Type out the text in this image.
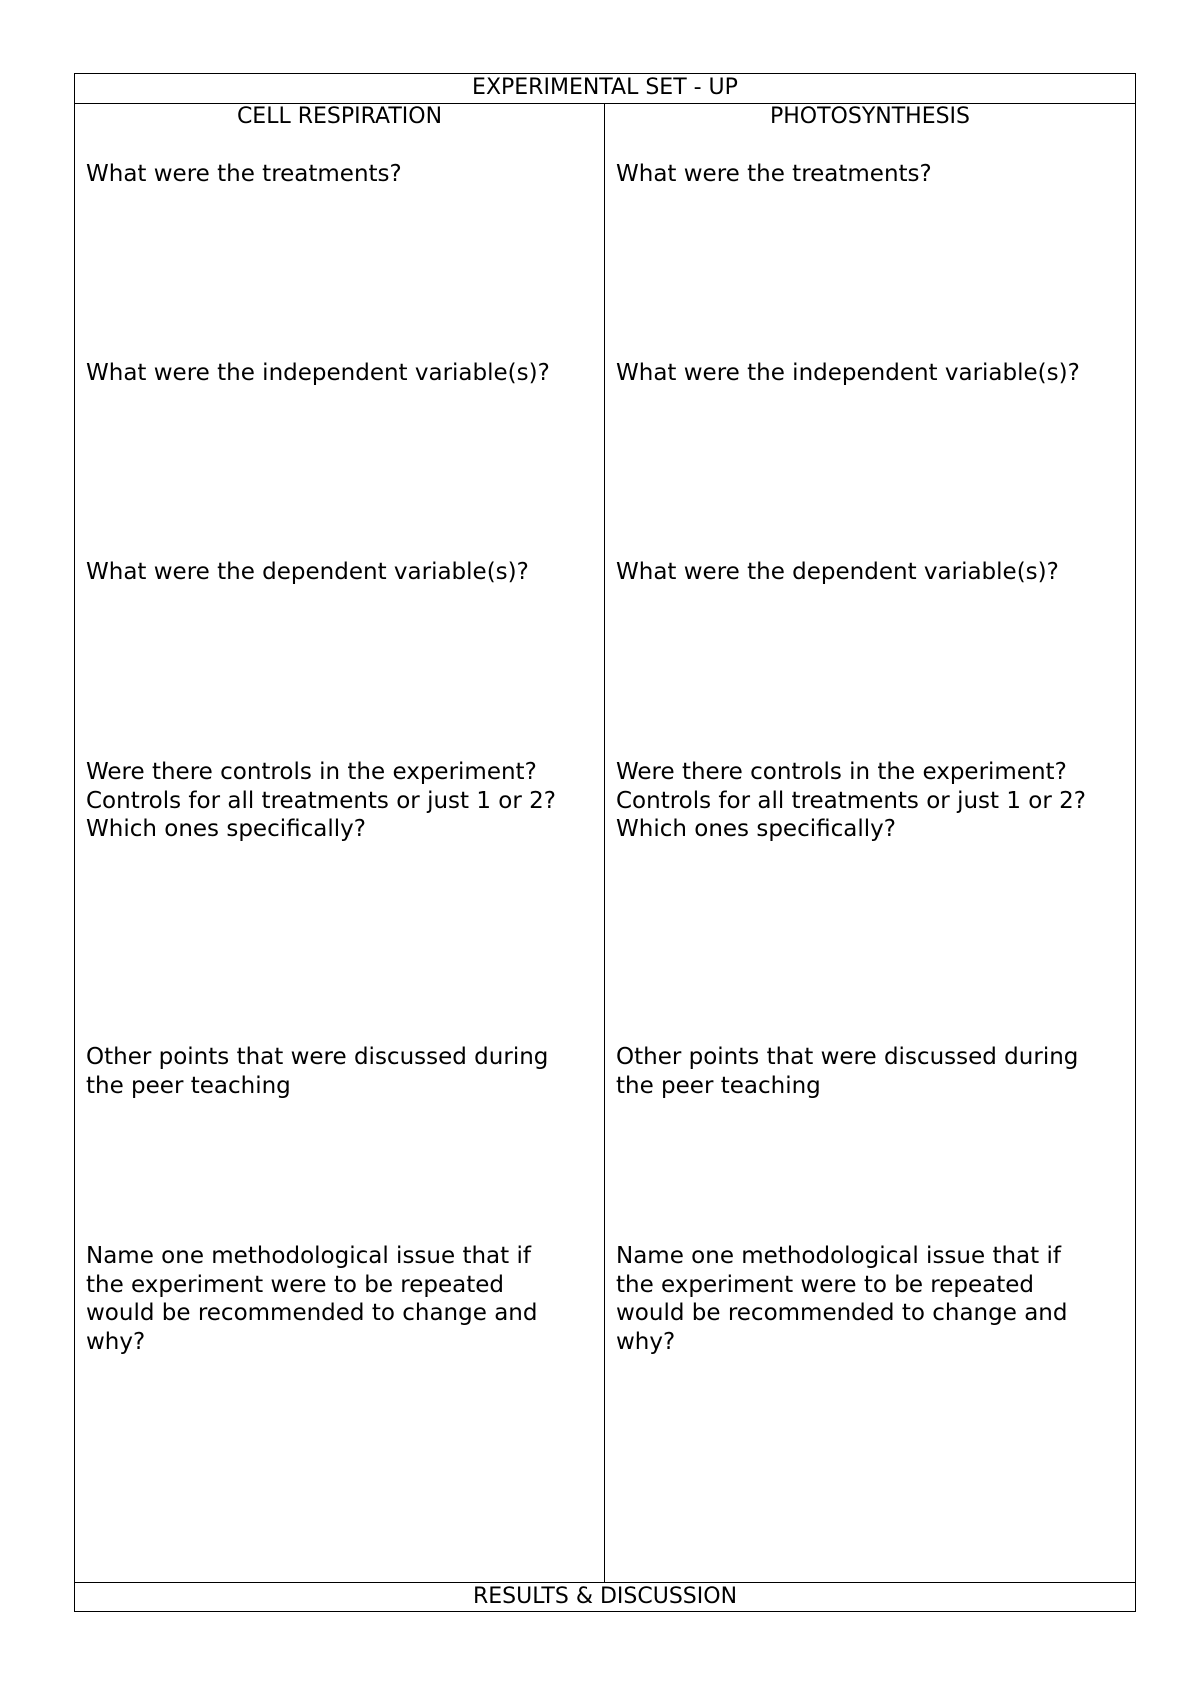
EXPERIMENTAL SET - UP
CELL RESPIRATION
What were the treatments?
What were the independent variable(s)?
What were the dependent variable(s)?
Were there controls in the experiment?
Controls for all treatments or just 1 or 2?
Which ones specifically?
Other points that were discussed during
the peer teaching
Name one methodological issue that if
the experiment were to be repeated
would be recommended to change and
why?
PHOTOSYNTHESIS
What were the treatments?
What were the independent variable(s)?
What were the dependent variable(s)?
Were there controls in the experiment?
Controls for all treatments or just 1 or 2?
Which ones specifically?
Other points that were discussed during
the peer teaching
Name one methodological issue that if
the experiment were to be repeated
would be recommended to change and
why?
RESULTS & DISCUSSION
